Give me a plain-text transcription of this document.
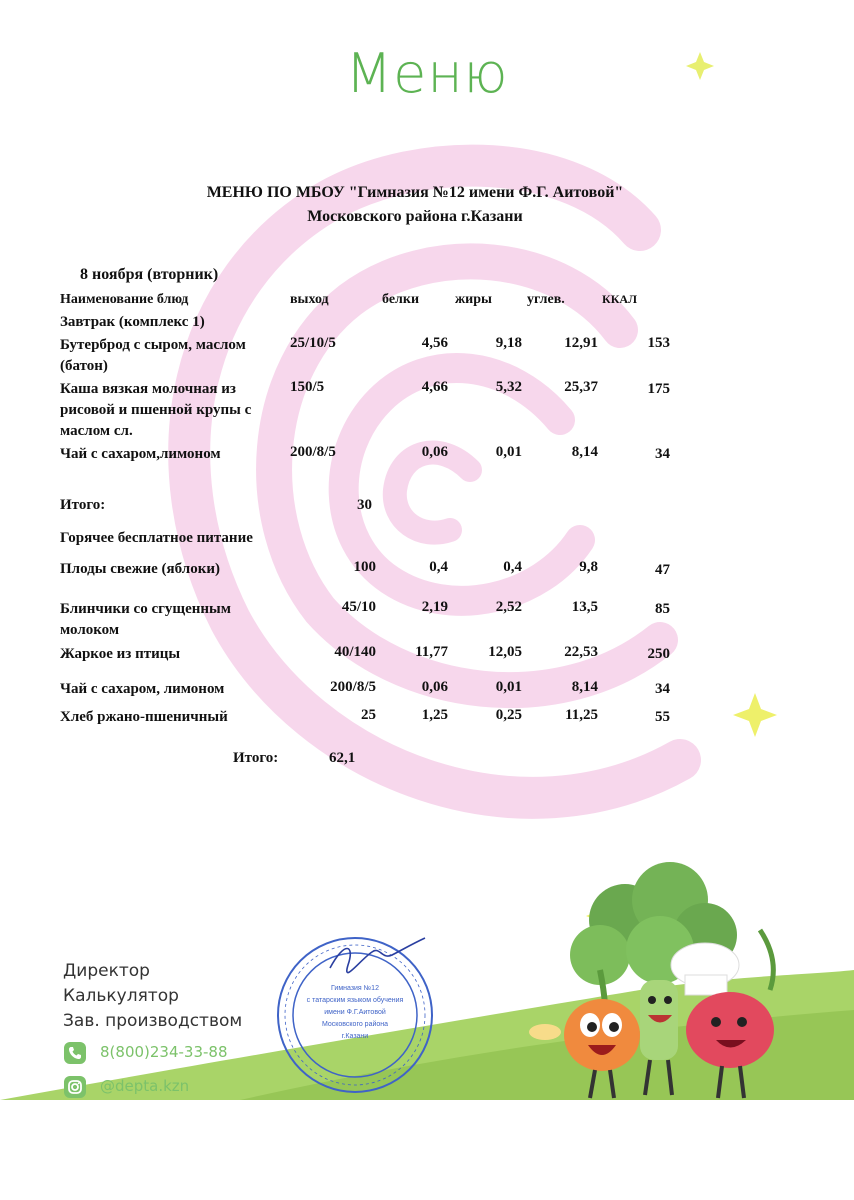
Гимназия №12
с татарским языком обучения
имени Ф.Г.Аитовой
Московского района
г.Казани
Меню
МЕНЮ ПО МБОУ "Гимназия №12 имени Ф.Г. Аитовой"
Московского района г.Казани
8 ноября (вторник)
Наименование блюд	выход	белки	жиры	углев.	ККАЛ
Завтрак (комплекс 1)
Бутерброд с сыром, маслом (батон)
25/10/5	4,56	9,18	12,91	153
Каша вязкая молочная из рисовой и пшенной крупы с маслом сл.
150/5	4,66	5,32	25,37	175
Чай с сахаром,лимоном	200/8/5	0,06	0,01	8,14	34
Итого:	30
Горячее бесплатное питание
Плоды свежие (яблоки)	100	0,4	0,4	9,8	47
Блинчики со сгущенным молоком
45/10	2,19	2,52	13,5	85
Жаркое из птицы	40/140	11,77	12,05	22,53	250
Чай с сахаром, лимоном	200/8/5	0,06	0,01	8,14	34
Хлеб ржано-пшеничный	25	1,25	0,25	11,25	55
Итого:	62,1
Директор
Калькулятор
Зав. производством
8(800)234-33-88
@depta.kzn
